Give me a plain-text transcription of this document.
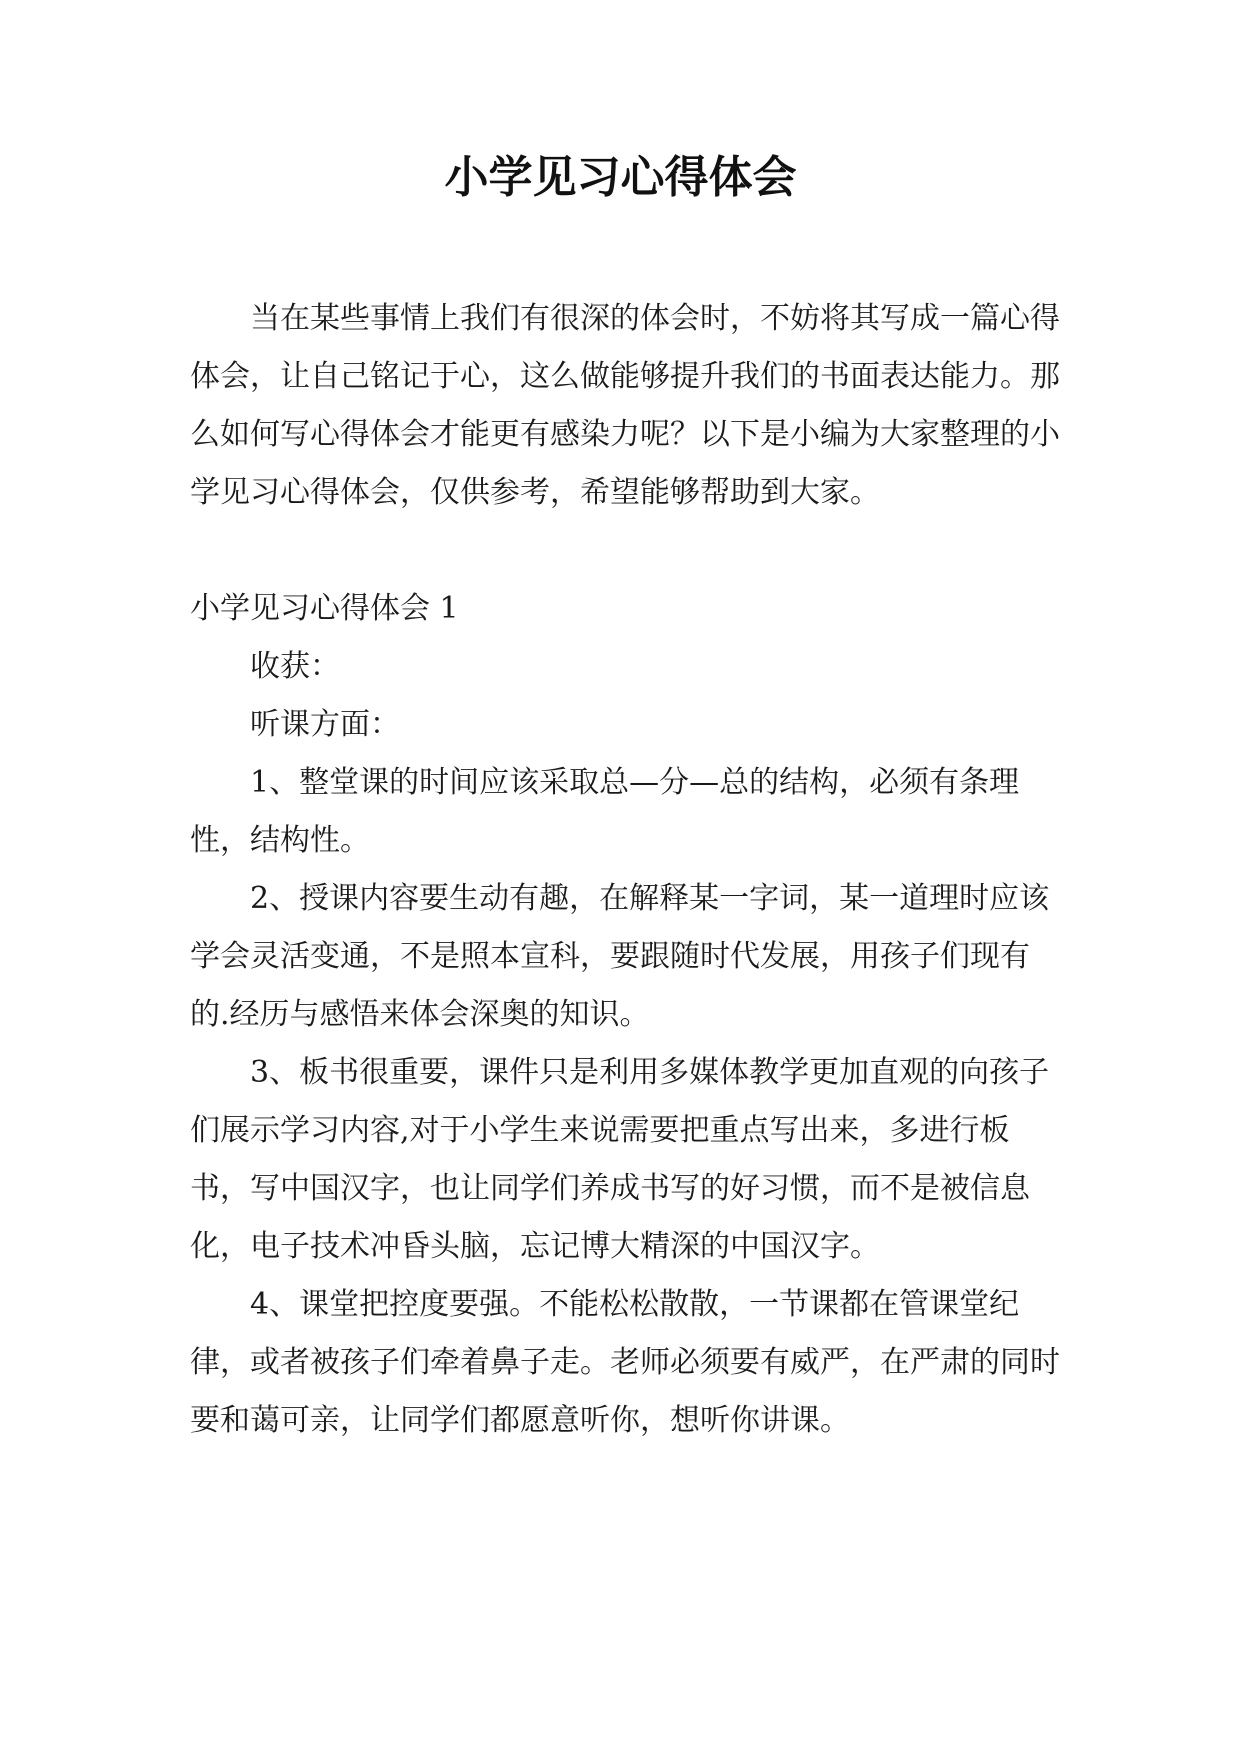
小学见习心得体会

当在某些事情上我们有很深的体会时，不妨将其写成一篇心得体会，让自己铭记于心，这么做能够提升我们的书面表达能力。那么如何写心得体会才能更有感染力呢？以下是小编为大家整理的小学见习心得体会，仅供参考，希望能够帮助到大家。

小学见习心得体会 1

收获：

听课方面：

1、整堂课的时间应该采取总—分—总的结构，必须有条理性，结构性。

2、授课内容要生动有趣，在解释某一字词，某一道理时应该学会灵活变通，不是照本宣科，要跟随时代发展，用孩子们现有的.经历与感悟来体会深奥的知识。

3、板书很重要，课件只是利用多媒体教学更加直观的向孩子们展示学习内容,对于小学生来说需要把重点写出来，多进行板书，写中国汉字，也让同学们养成书写的好习惯，而不是被信息化，电子技术冲昏头脑，忘记博大精深的中国汉字。

4、课堂把控度要强。不能松松散散，一节课都在管课堂纪律，或者被孩子们牵着鼻子走。老师必须要有威严，在严肃的同时要和蔼可亲，让同学们都愿意听你，想听你讲课。
